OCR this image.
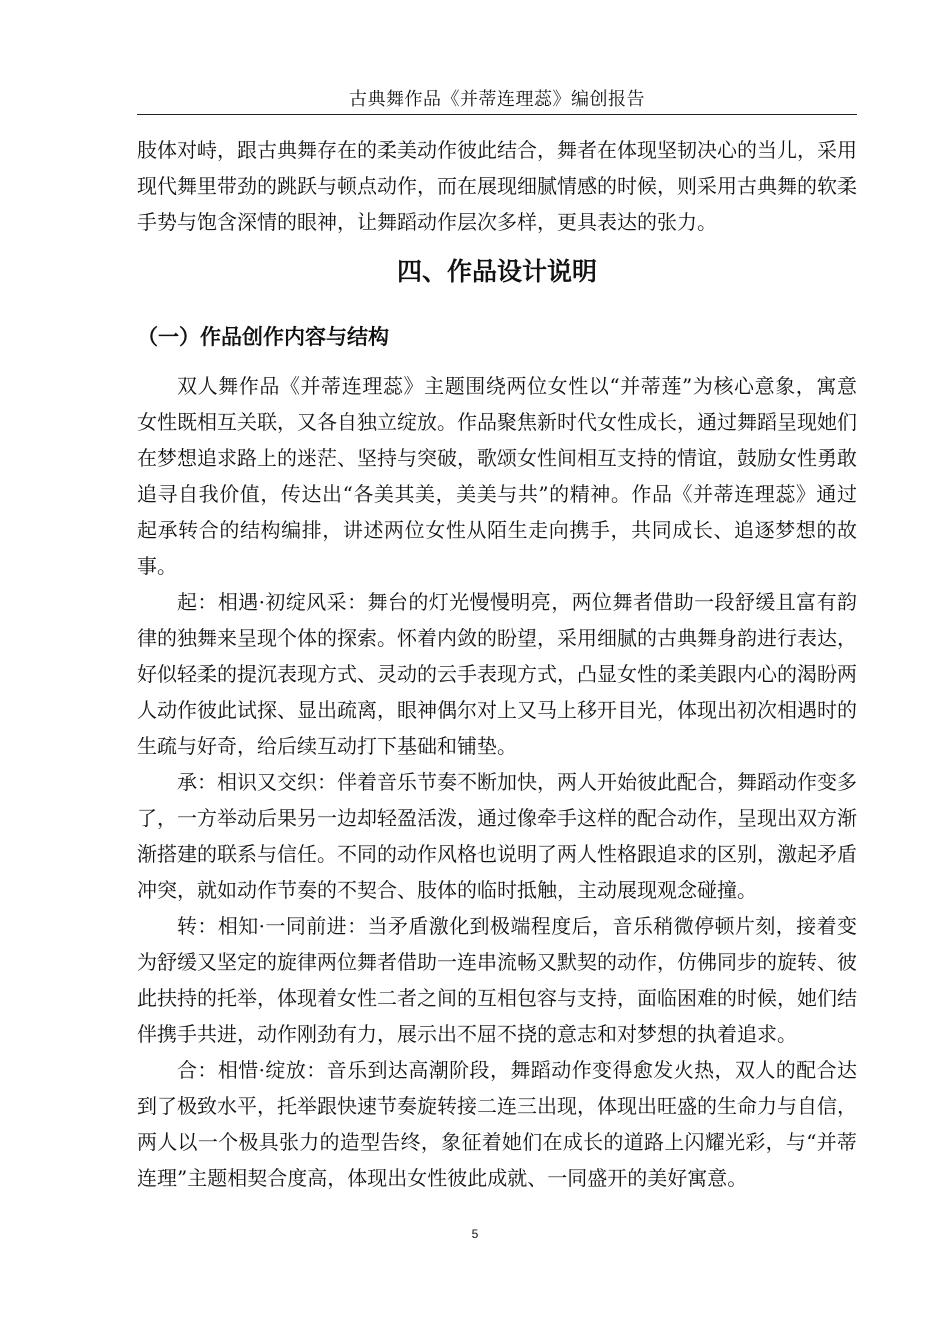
古典舞作品《并蒂连理蕊》编创报告

肢体对峙，跟古典舞存在的柔美动作彼此结合，舞者在体现坚韧决心的当儿，采用现代舞里带劲的跳跃与顿点动作，而在展现细腻情感的时候，则采用古典舞的软柔手势与饱含深情的眼神，让舞蹈动作层次多样，更具表达的张力。

四、作品设计说明
（一）作品创作内容与结构

双人舞作品《并蒂连理蕊》主题围绕两位女性以“并蒂莲”为核心意象，寓意女性既相互关联，又各自独立绽放。作品聚焦新时代女性成长，通过舞蹈呈现她们在梦想追求路上的迷茫、坚持与突破，歌颂女性间相互支持的情谊，鼓励女性勇敢追寻自我价值，传达出“各美其美，美美与共”的精神。作品《并蒂连理蕊》通过起承转合的结构编排，讲述两位女性从陌生走向携手，共同成长、追逐梦想的故事。

起：相遇·初绽风采：舞台的灯光慢慢明亮，两位舞者借助一段舒缓且富有韵律的独舞来呈现个体的探索。怀着内敛的盼望，采用细腻的古典舞身韵进行表达，好似轻柔的提沉表现方式、灵动的云手表现方式，凸显女性的柔美跟内心的渴盼两人动作彼此试探、显出疏离，眼神偶尔对上又马上移开目光，体现出初次相遇时的生疏与好奇，给后续互动打下基础和铺垫。

承：相识又交织：伴着音乐节奏不断加快，两人开始彼此配合，舞蹈动作变多了，一方举动后果另一边却轻盈活泼，通过像牵手这样的配合动作，呈现出双方渐渐搭建的联系与信任。不同的动作风格也说明了两人性格跟追求的区别，激起矛盾冲突，就如动作节奏的不契合、肢体的临时抵触，主动展现观念碰撞。

转：相知·一同前进：当矛盾激化到极端程度后，音乐稍微停顿片刻，接着变为舒缓又坚定的旋律两位舞者借助一连串流畅又默契的动作，仿佛同步的旋转、彼此扶持的托举，体现着女性二者之间的互相包容与支持，面临困难的时候，她们结伴携手共进，动作刚劲有力，展示出不屈不挠的意志和对梦想的执着追求。

合：相惜·绽放：音乐到达高潮阶段，舞蹈动作变得愈发火热，双人的配合达到了极致水平，托举跟快速节奏旋转接二连三出现，体现出旺盛的生命力与自信，两人以一个极具张力的造型告终，象征着她们在成长的道路上闪耀光彩，与“并蒂连理”主题相契合度高，体现出女性彼此成就、一同盛开的美好寓意。

5
